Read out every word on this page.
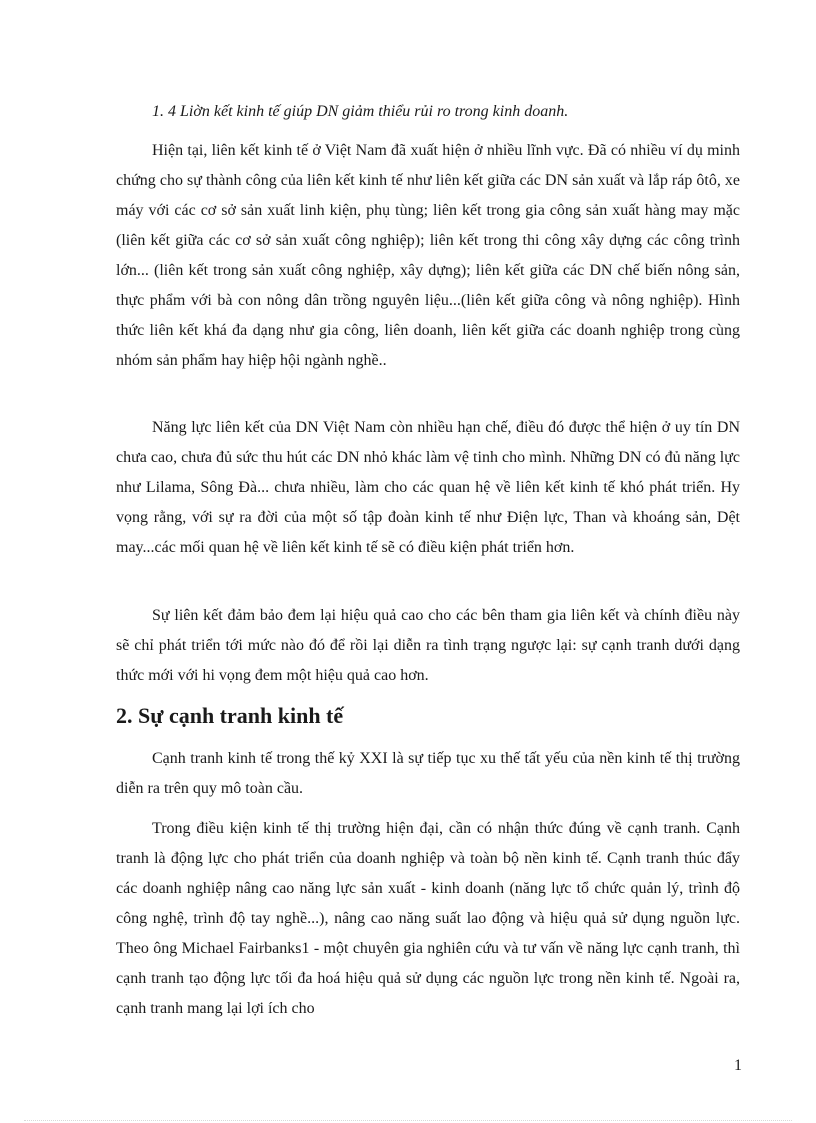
1. 4 Liờn kết kinh tế giúp DN giảm thiểu rủi ro trong kinh doanh.

Hiện tại, liên kết kinh tế ở Việt Nam đã xuất hiện ở nhiều lĩnh vực. Đã có nhiều ví dụ minh chứng cho sự thành công của liên kết kinh tế như liên kết giữa các DN sản xuất và lắp ráp ôtô, xe máy với các cơ sở sản xuất linh kiện, phụ tùng; liên kết trong gia công sản xuất hàng may mặc (liên kết giữa các cơ sở sản xuất công nghiệp); liên kết trong thi công xây dựng các công trình lớn... (liên kết trong sản xuất công nghiệp, xây dựng); liên kết giữa các DN chế biến nông sản, thực phẩm với bà con nông dân trồng nguyên liệu...(liên kết giữa công và nông nghiệp). Hình thức liên kết khá đa dạng như gia công, liên doanh, liên kết giữa các doanh nghiệp trong cùng nhóm sản phẩm hay hiệp hội ngành nghề..

Năng lực liên kết của DN Việt Nam còn nhiều hạn chế, điều đó được thể hiện ở uy tín DN chưa cao, chưa đủ sức thu hút các DN nhỏ khác làm vệ tinh cho mình. Những DN có đủ năng lực như Lilama, Sông Đà... chưa nhiều, làm cho các quan hệ về liên kết kinh tế khó phát triển. Hy vọng rằng, với sự ra đời của một số tập đoàn kinh tế như Điện lực, Than và khoáng sản, Dệt may...các mối quan hệ về liên kết kinh tế sẽ có điều kiện phát triển hơn.

Sự liên kết đảm bảo đem lại hiệu quả cao cho các bên tham gia liên kết và chính điều này sẽ chỉ phát triển tới mức nào đó để rồi lại diễn ra tình trạng ngược lại: sự cạnh tranh dưới dạng thức mới với hi vọng đem một hiệu quả cao hơn.

2. Sự cạnh tranh kinh tế

Cạnh tranh kinh tế trong thế kỷ XXI là sự tiếp tục xu thế tất yếu của nền kinh tế thị trường diễn ra trên quy mô toàn cầu.

Trong điều kiện kinh tế thị trường hiện đại, cần có nhận thức đúng về cạnh tranh. Cạnh tranh là động lực cho phát triển của doanh nghiệp và toàn bộ nền kinh tế. Cạnh tranh thúc đẩy các doanh nghiệp nâng cao năng lực sản xuất - kinh doanh (năng lực tổ chức quản lý, trình độ công nghệ, trình độ tay nghề...), nâng cao năng suất lao động và hiệu quả sử dụng nguồn lực. Theo ông Michael Fairbanks1 - một chuyên gia nghiên cứu và tư vấn về năng lực cạnh tranh, thì cạnh tranh tạo động lực tối đa hoá hiệu quả sử dụng các nguồn lực trong nền kinh tế. Ngoài ra, cạnh tranh mang lại lợi ích cho

1
